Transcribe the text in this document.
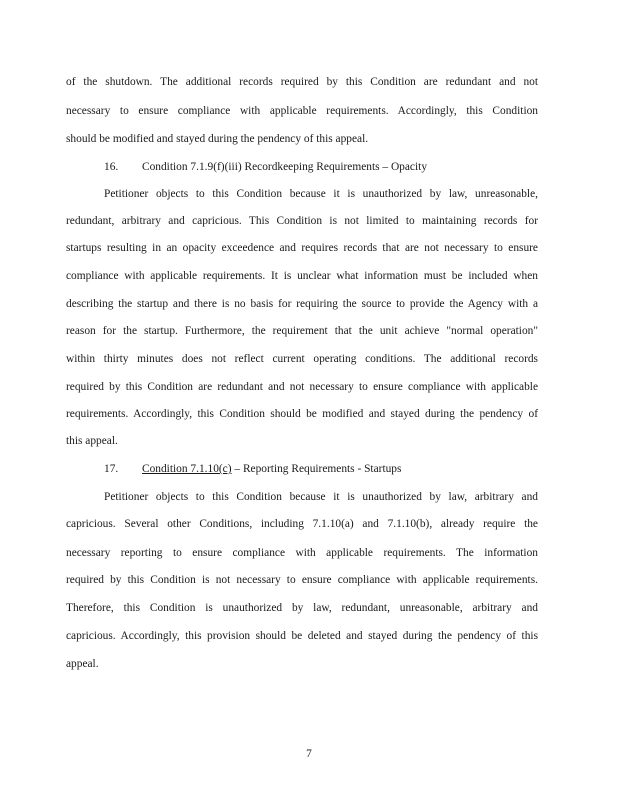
of the shutdown. The additional records required by this Condition are redundant and not
necessary to ensure compliance with applicable requirements. Accordingly, this Condition
should be modified and stayed during the pendency of this appeal.
16. Condition 7.1.9(f)(iii) Recordkeeping Requirements – Opacity
Petitioner objects to this Condition because it is unauthorized by law, unreasonable,
redundant, arbitrary and capricious. This Condition is not limited to maintaining records for
startups resulting in an opacity exceedence and requires records that are not necessary to ensure
compliance with applicable requirements. It is unclear what information must be included when
describing the startup and there is no basis for requiring the source to provide the Agency with a
reason for the startup. Furthermore, the requirement that the unit achieve "normal operation"
within thirty minutes does not reflect current operating conditions. The additional records
required by this Condition are redundant and not necessary to ensure compliance with applicable
requirements. Accordingly, this Condition should be modified and stayed during the pendency of
this appeal.
17. Condition 7.1.10(c) – Reporting Requirements - Startups
Petitioner objects to this Condition because it is unauthorized by law, arbitrary and
capricious. Several other Conditions, including 7.1.10(a) and 7.1.10(b), already require the
necessary reporting to ensure compliance with applicable requirements. The information
required by this Condition is not necessary to ensure compliance with applicable requirements.
Therefore, this Condition is unauthorized by law, redundant, unreasonable, arbitrary and
capricious. Accordingly, this provision should be deleted and stayed during the pendency of this
appeal.
7
